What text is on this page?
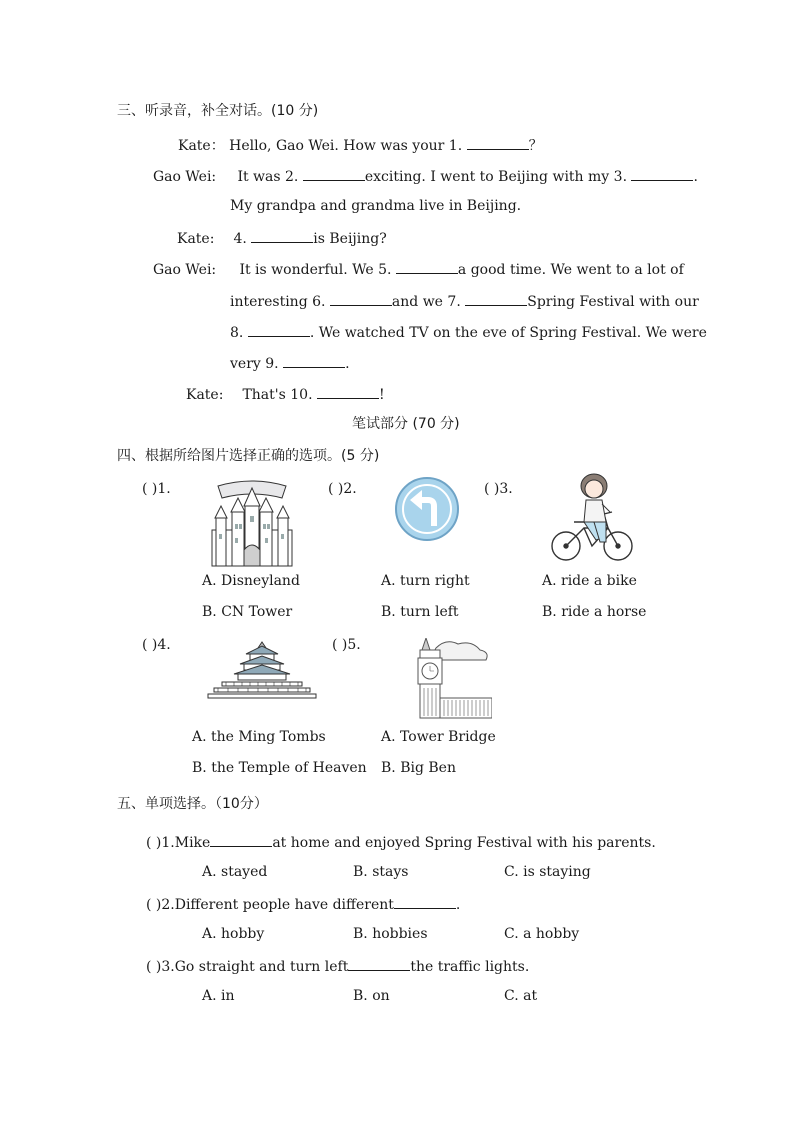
三、听录音，补全对话。(10 分)
Kate： Hello, Gao Wei. How was your 1.	？
Gao Wei: It was 2.	exciting. I went to Beijing with my 3.	.
My grandpa and grandma live in Beijing.
Kate: 4.	is Beijing?
Gao Wei: It is wonderful. We 5.	a good time. We went to a lot of
interesting 6.	and we 7.	Spring Festival with our
8.	. We watched TV on the eve of Spring Festival. We were
very 9.	.
Kate: That's 10.	!
笔试部分 (70 分)
四、根据所给图片选择正确的选项。(5 分)
( )1.
A. Disneyland
B. CN Tower
( )2.
A. turn right
B. turn left
( )3.
A. ride a bike
B. ride a horse
( )4.
A. the Ming Tombs
B. the Temple of Heaven
( )5.
A. Tower Bridge
B. Big Ben
五、单项选择。（10分）
( )1.Mike	at home and enjoyed Spring Festival with his parents.
A. stayed	B. stays	C. is staying
( )2.Different people have different	.
A. hobby	B. hobbies	C. a hobby
( )3.Go straight and turn left	the traffic lights.
A. in	B. on	C. at
